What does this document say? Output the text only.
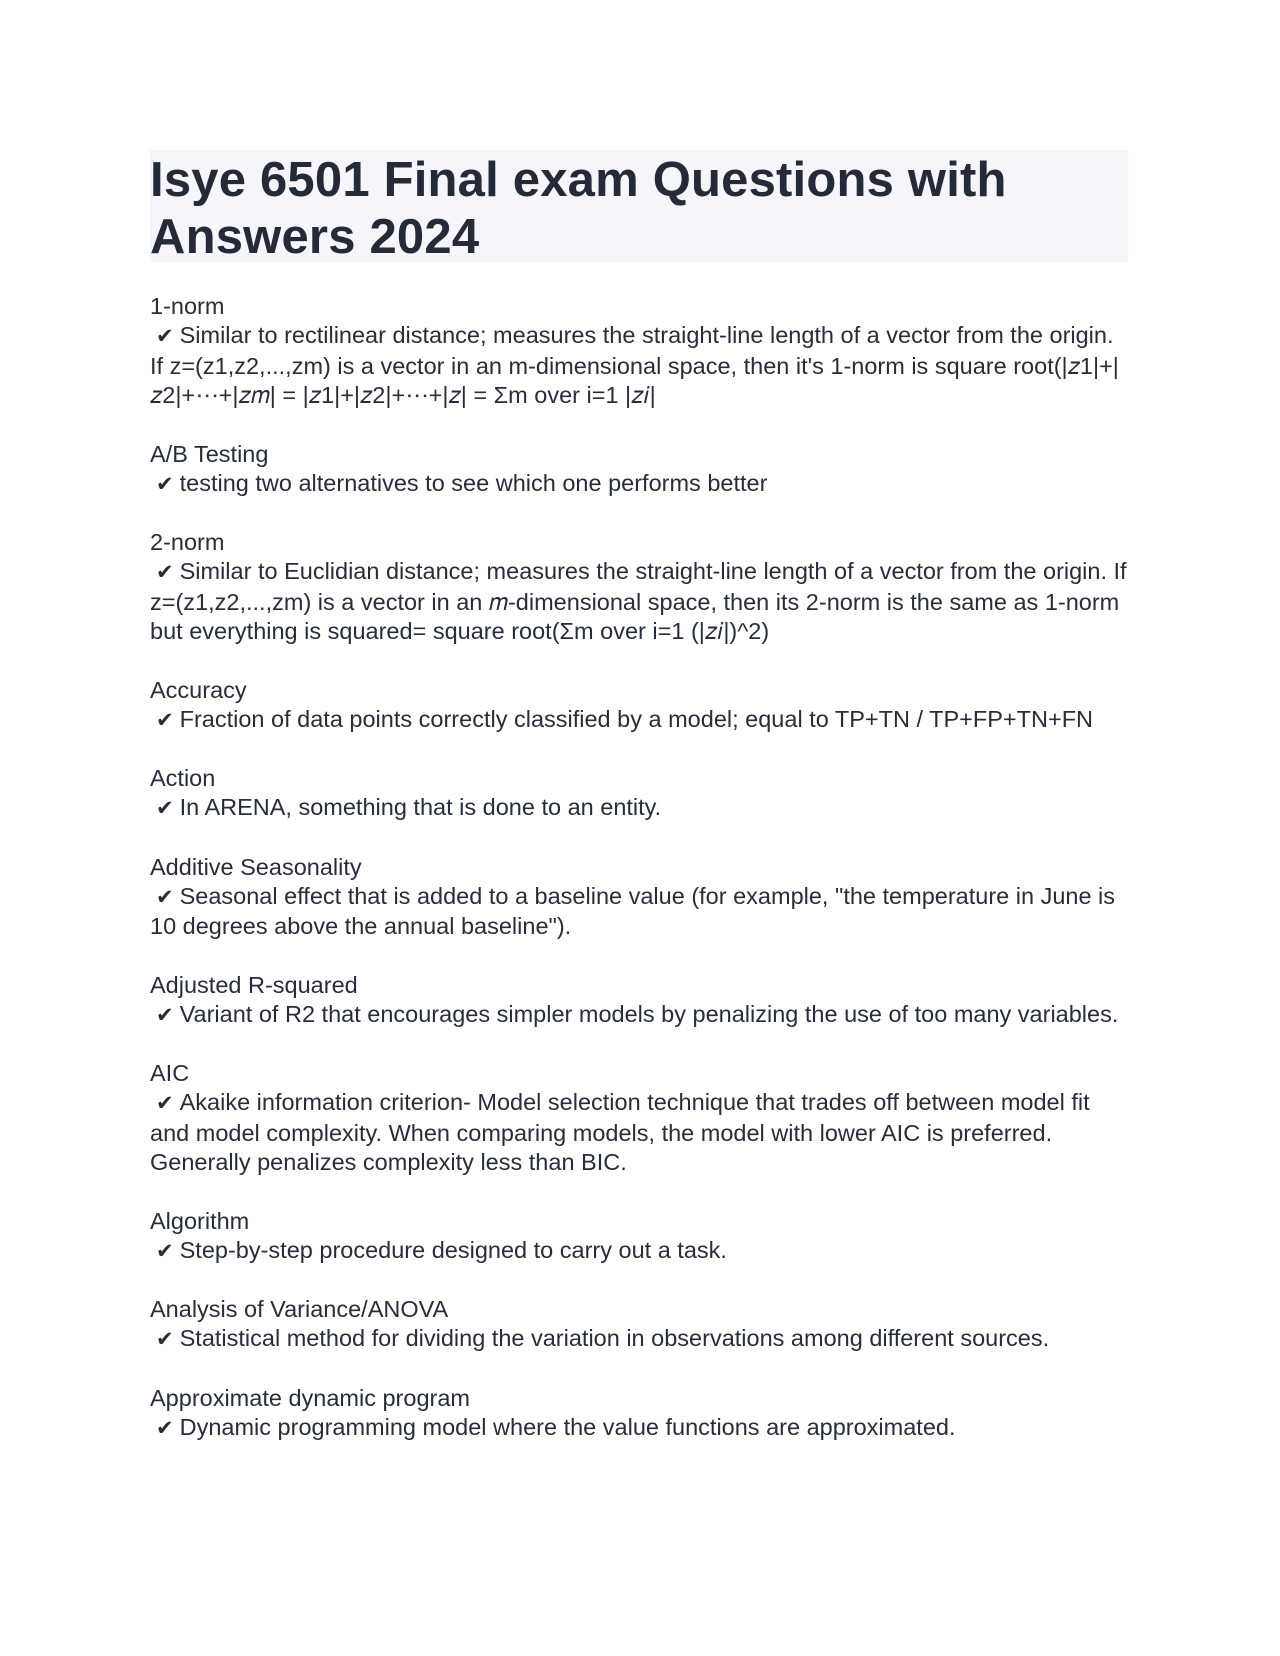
Isye 6501 Final exam Questions with Answers 2024
1-norm
✔ Similar to rectilinear distance; measures the straight-line length of a vector from the origin. If z=(z1,z2,...,zm) is a vector in an m-dimensional space, then it's 1-norm is square root(|𝑧1|+|𝑧2|+⋯+|𝑧𝑚| = |𝑧1|+|𝑧2|+⋯+|𝑧| = Σm over i=1 |𝑧𝑖|
A/B Testing
✔ testing two alternatives to see which one performs better
2-norm
✔ Similar to Euclidian distance; measures the straight-line length of a vector from the origin. If z=(z1,z2,...,zm) is a vector in an 𝑚-dimensional space, then its 2-norm is the same as 1-norm but everything is squared= square root(Σm over i=1 (|𝑧𝑖|)^2)
Accuracy
✔ Fraction of data points correctly classified by a model; equal to TP+TN / TP+FP+TN+FN
Action
✔ In ARENA, something that is done to an entity.
Additive Seasonality
✔ Seasonal effect that is added to a baseline value (for example, "the temperature in June is 10 degrees above the annual baseline").
Adjusted R-squared
✔ Variant of R2 that encourages simpler models by penalizing the use of too many variables.
AIC
✔ Akaike information criterion- Model selection technique that trades off between model fit and model complexity. When comparing models, the model with lower AIC is preferred. Generally penalizes complexity less than BIC.
Algorithm
✔ Step-by-step procedure designed to carry out a task.
Analysis of Variance/ANOVA
✔ Statistical method for dividing the variation in observations among different sources.
Approximate dynamic program
✔ Dynamic programming model where the value functions are approximated.
